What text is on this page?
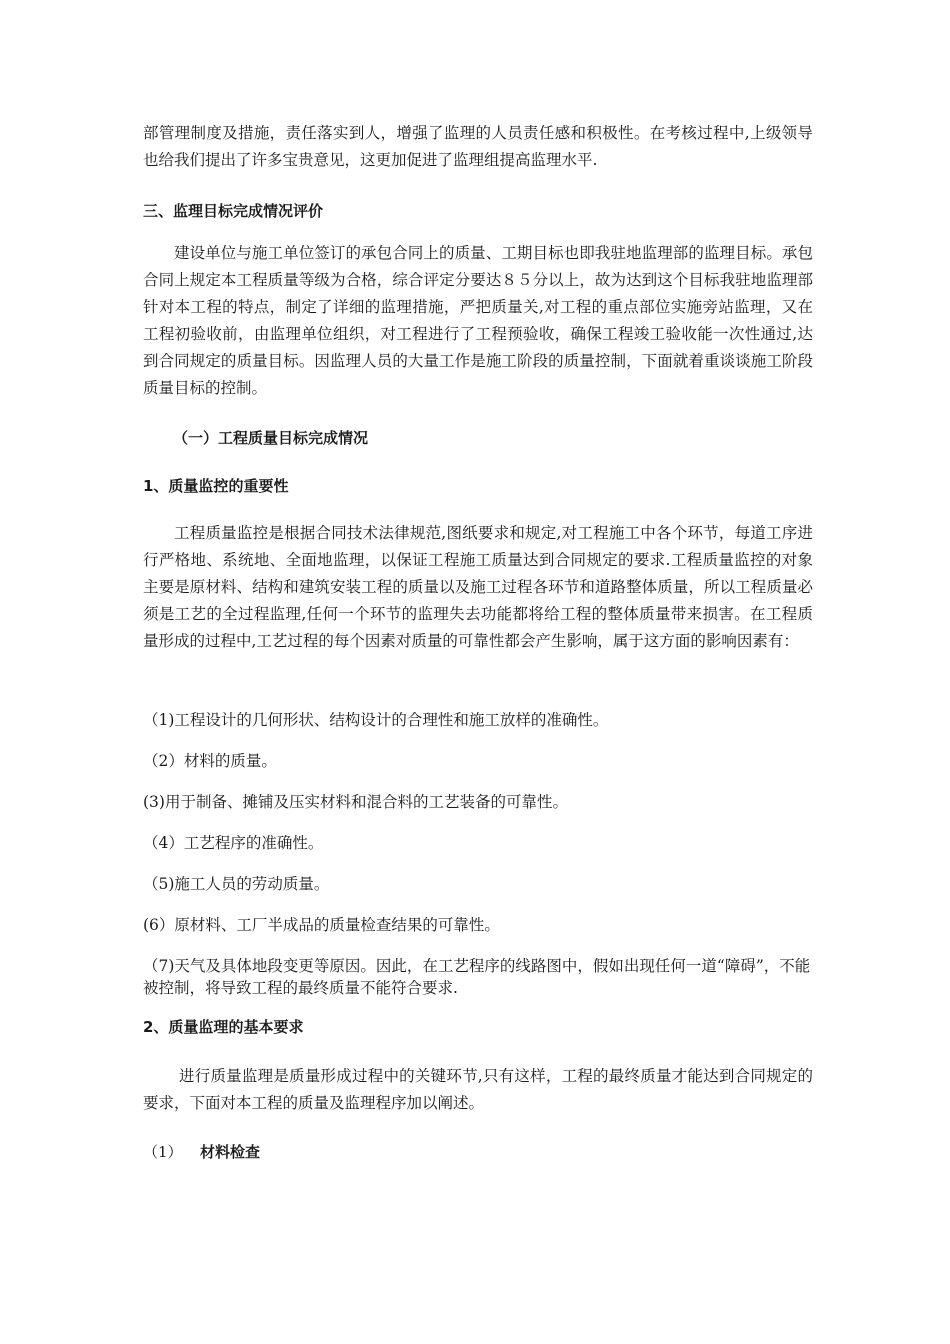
部管理制度及措施，责任落实到人，增强了监理的人员责任感和积极性。在考核过程中,上级领导也给我们提出了许多宝贵意见，这更加促进了监理组提高监理水平.

三、监理目标完成情况评价

建设单位与施工单位签订的承包合同上的质量、工期目标也即我驻地监理部的监理目标。承包合同上规定本工程质量等级为合格，综合评定分要达８５分以上，故为达到这个目标我驻地监理部针对本工程的特点，制定了详细的监理措施，严把质量关,对工程的重点部位实施旁站监理，又在工程初验收前，由监理单位组织，对工程进行了工程预验收，确保工程竣工验收能一次性通过,达到合同规定的质量目标。因监理人员的大量工作是施工阶段的质量控制，下面就着重谈谈施工阶段质量目标的控制。

（一）工程质量目标完成情况
1、质量监控的重要性

工程质量监控是根据合同技术法律规范,图纸要求和规定,对工程施工中各个环节，每道工序进行严格地、系统地、全面地监理，以保证工程施工质量达到合同规定的要求.工程质量监控的对象主要是原材料、结构和建筑安装工程的质量以及施工过程各环节和道路整体质量，所以工程质量必须是工艺的全过程监理,任何一个环节的监理失去功能都将给工程的整体质量带来损害。在工程质量形成的过程中,工艺过程的每个因素对质量的可靠性都会产生影响，属于这方面的影响因素有：

（1)工程设计的几何形状、结构设计的合理性和施工放样的准确性。

（2）材料的质量。

(3)用于制备、摊铺及压实材料和混合料的工艺装备的可靠性。

（4）工艺程序的准确性。

（5)施工人员的劳动质量。

(6）原材料、工厂半成品的质量检查结果的可靠性。

（7)天气及具体地段变更等原因。因此，在工艺程序的线路图中，假如出现任何一道“障碍”，不能被控制，将导致工程的最终质量不能符合要求.

2、质量监理的基本要求

进行质量监理是质量形成过程中的关键环节,只有这样，工程的最终质量才能达到合同规定的要求，下面对本工程的质量及监理程序加以阐述。

（1） 材料检查
